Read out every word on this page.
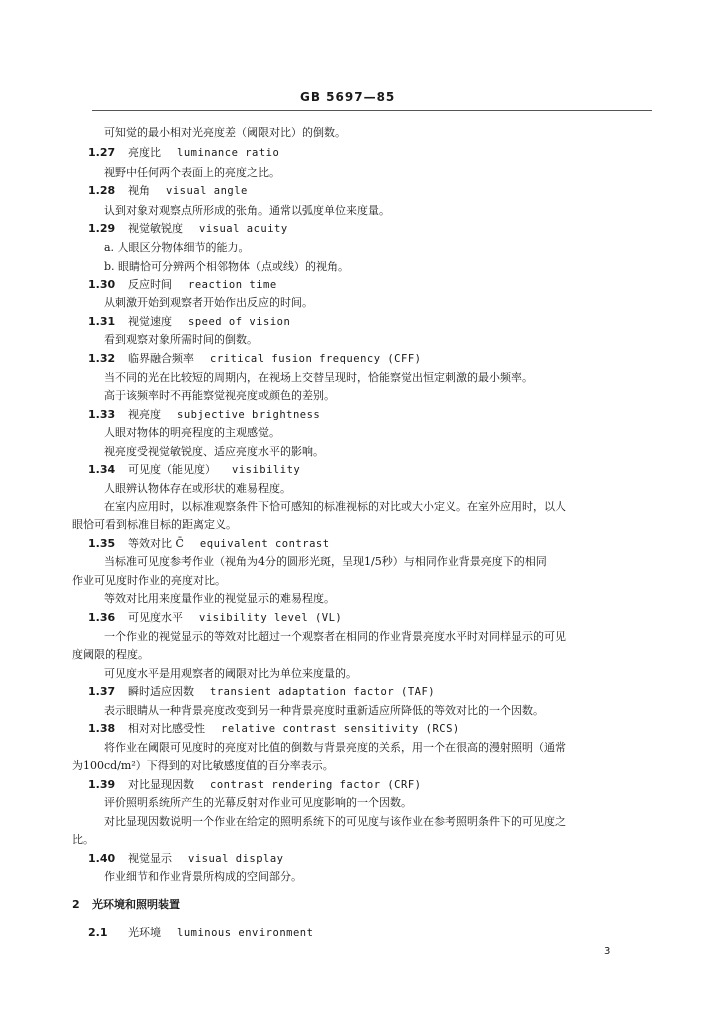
GB 5697—85
可知觉的最小相对光亮度差（阈限对比）的倒数。
1.27 亮度比 luminance ratio
视野中任何两个表面上的亮度之比。
1.28 视角 visual angle
认到对象对观察点所形成的张角。通常以弧度单位来度量。
1.29 视觉敏锐度 visual acuity
a. 人眼区分物体细节的能力。
b. 眼睛恰可分辨两个相邻物体（点或线）的视角。
1.30 反应时间 reaction time
从刺激开始到观察者开始作出反应的时间。
1.31 视觉速度 speed of vision
看到观察对象所需时间的倒数。
1.32 临界融合频率 critical fusion frequency (CFF)
当不同的光在比较短的周期内，在视场上交替呈现时，恰能察觉出恒定刺激的最小频率。
高于该频率时不再能察觉视亮度或颜色的差别。
1.33 视亮度 subjective brightness
人眼对物体的明亮程度的主观感觉。
视亮度受视觉敏锐度、适应亮度水平的影响。
1.34 可见度（能见度） visibility
人眼辨认物体存在或形状的难易程度。
在室内应用时，以标准观察条件下恰可感知的标准视标的对比或大小定义。在室外应用时，以人
眼恰可看到标准目标的距离定义。
1.35 等效对比 C̄ equivalent contrast
当标准可见度参考作业（视角为4分的圆形光斑，呈现1/5秒）与相同作业背景亮度下的相同
作业可见度时作业的亮度对比。
等效对比用来度量作业的视觉显示的难易程度。
1.36 可见度水平 visibility level (VL)
一个作业的视觉显示的等效对比超过一个观察者在相同的作业背景亮度水平时对同样显示的可见
度阈限的程度。
可见度水平是用观察者的阈限对比为单位来度量的。
1.37 瞬时适应因数 transient adaptation factor (TAF)
表示眼睛从一种背景亮度改变到另一种背景亮度时重新适应所降低的等效对比的一个因数。
1.38 相对对比感受性 relative contrast sensitivity (RCS)
将作业在阈限可见度时的亮度对比值的倒数与背景亮度的关系，用一个在很高的漫射照明（通常
为100cd/m²）下得到的对比敏感度值的百分率表示。
1.39 对比显现因数 contrast rendering factor (CRF)
评价照明系统所产生的光幕反射对作业可见度影响的一个因数。
对比显现因数说明一个作业在给定的照明系统下的可见度与该作业在参考照明条件下的可见度之
比。
1.40 视觉显示 visual display
作业细节和作业背景所构成的空间部分。
2 光环境和照明装置
2.1 光环境 luminous environment
3
